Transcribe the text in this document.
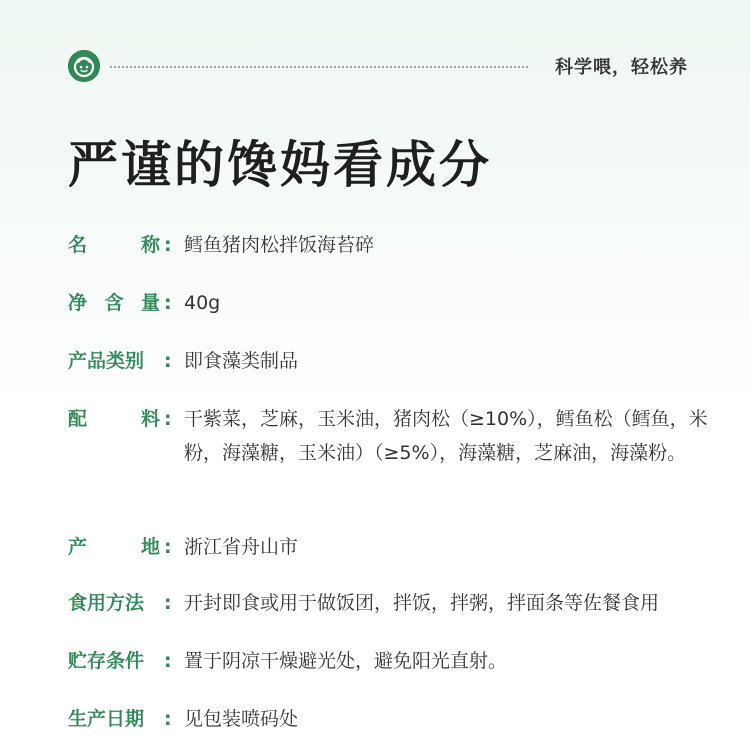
科学喂，轻松养
严谨的馋妈看成分
名	称 : 鳕鱼猪肉松拌饭海苔碎
净 含 量 : 40g
产品类别	: 即食藻类制品
配	料 : 干紫菜，芝麻，玉米油，猪肉松（≥10%），鳕鱼松（鳕鱼，米粉，海藻糖，玉米油）（≥5%），海藻糖，芝麻油，海藻粉。
产	地 : 浙江省舟山市
食用方法	: 开封即食或用于做饭团，拌饭，拌粥，拌面条等佐餐食用
贮存条件	: 置于阴凉干燥避光处，避免阳光直射。
生产日期	: 见包装喷码处
